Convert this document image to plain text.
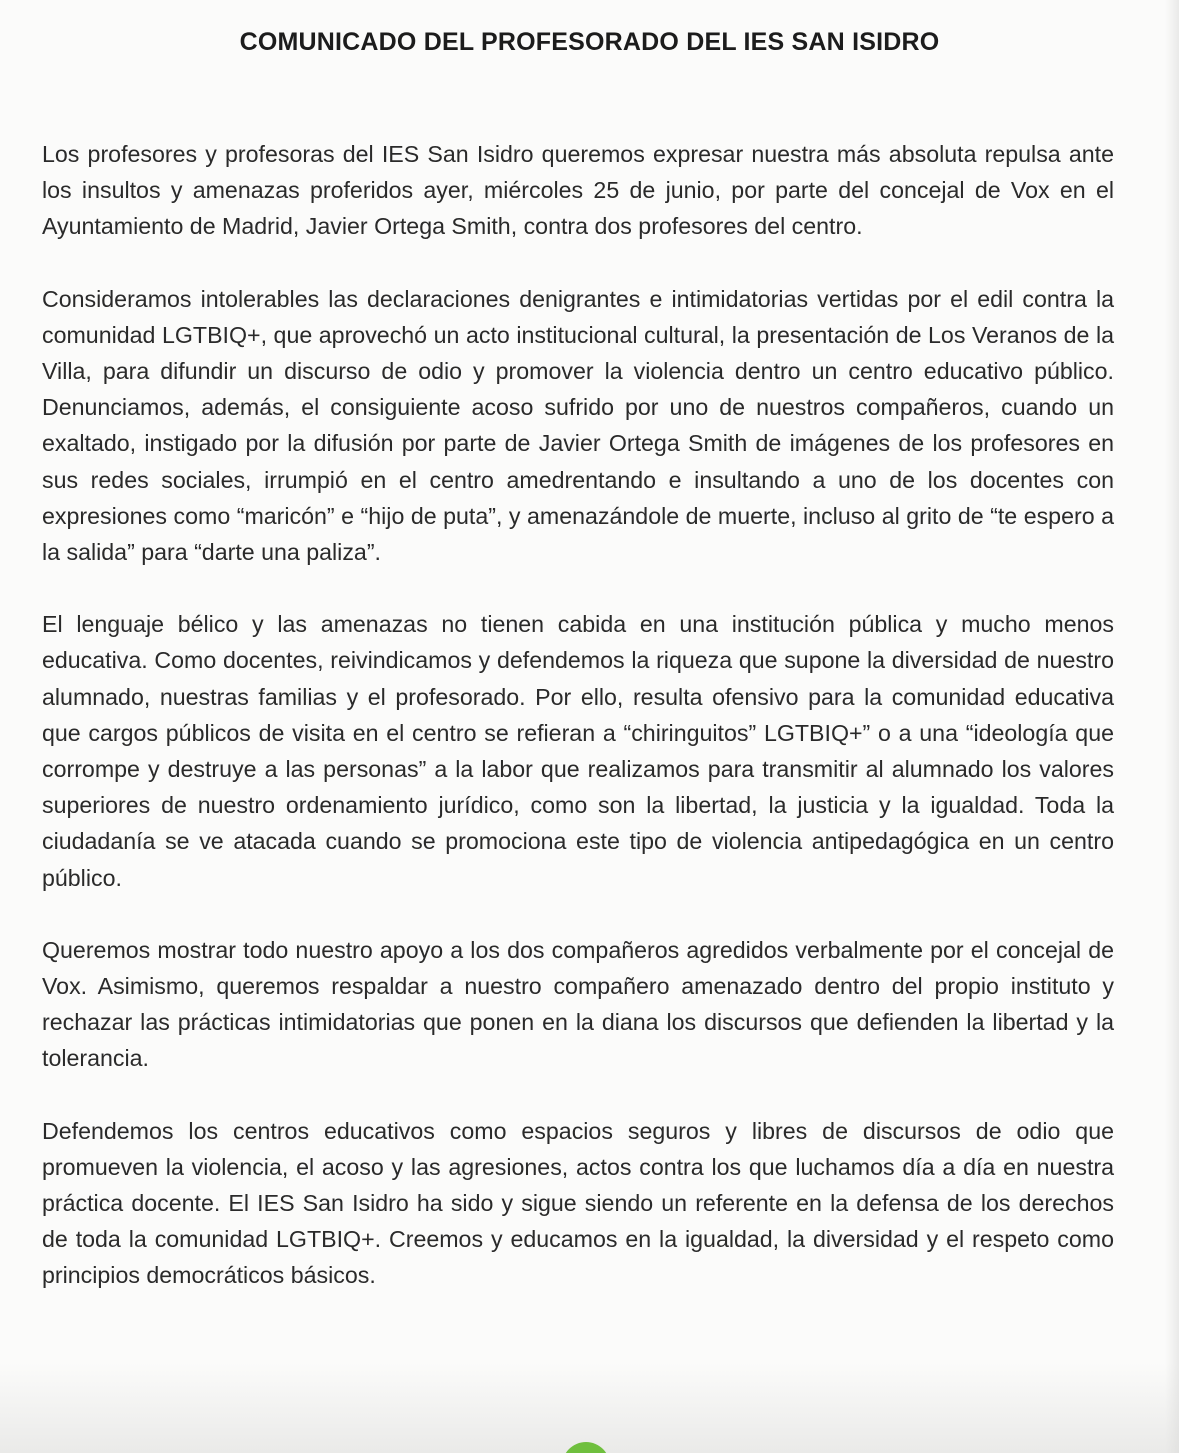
COMUNICADO DEL PROFESORADO DEL IES SAN ISIDRO

Los profesores y profesoras del IES San Isidro queremos expresar nuestra más absoluta repulsa ante los insultos y amenazas proferidos ayer, miércoles 25 de junio, por parte del concejal de Vox en el Ayuntamiento de Madrid, Javier Ortega Smith, contra dos profesores del centro.

Consideramos intolerables las declaraciones denigrantes e intimidatorias vertidas por el edil contra la comunidad LGTBIQ+, que aprovechó un acto institucional cultural, la presentación de Los Veranos de la Villa, para difundir un discurso de odio y promover la violencia dentro un centro educativo público. Denunciamos, además, el consiguiente acoso sufrido por uno de nuestros compañeros, cuando un exaltado, instigado por la difusión por parte de Javier Ortega Smith de imágenes de los profesores en sus redes sociales, irrumpió en el centro amedrentando e insultando a uno de los docentes con expresiones como “maricón” e “hijo de puta”, y amenazándole de muerte, incluso al grito de “te espero a la salida” para “darte una paliza”.

El lenguaje bélico y las amenazas no tienen cabida en una institución pública y mucho menos educativa. Como docentes, reivindicamos y defendemos la riqueza que supone la diversidad de nuestro alumnado, nuestras familias y el profesorado. Por ello, resulta ofensivo para la comunidad educativa que cargos públicos de visita en el centro se refieran a “chiringuitos” LGTBIQ+” o a una “ideología que corrompe y destruye a las personas” a la labor que realizamos para transmitir al alumnado los valores superiores de nuestro ordenamiento jurídico, como son la libertad, la justicia y la igualdad. Toda la ciudadanía se ve atacada cuando se promociona este tipo de violencia antipedagógica en un centro público.

Queremos mostrar todo nuestro apoyo a los dos compañeros agredidos verbalmente por el concejal de Vox. Asimismo, queremos respaldar a nuestro compañero amenazado dentro del propio instituto y rechazar las prácticas intimidatorias que ponen en la diana los discursos que defienden la libertad y la tolerancia.

Defendemos los centros educativos como espacios seguros y libres de discursos de odio que promueven la violencia, el acoso y las agresiones, actos contra los que luchamos día a día en nuestra práctica docente. El IES San Isidro ha sido y sigue siendo un referente en la defensa de los derechos de toda la comunidad LGTBIQ+. Creemos y educamos en la igualdad, la diversidad y el respeto como principios democráticos básicos.
